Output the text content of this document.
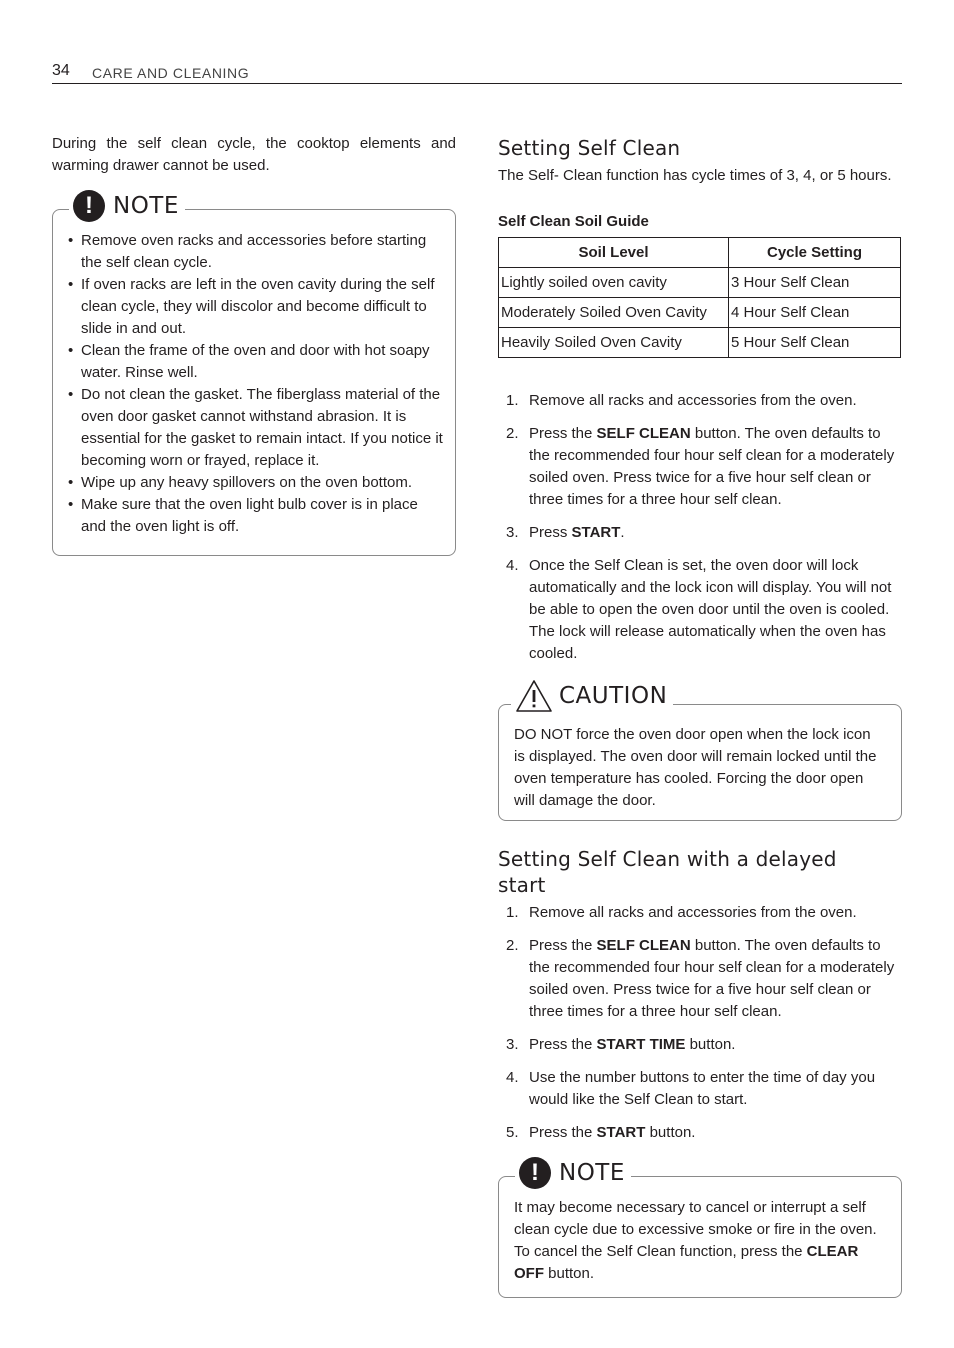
34 CARE AND CLEANING

During the self clean cycle, the cooktop elements and warming drawer cannot be used.

! NOTE
• Remove oven racks and accessories before starting the self clean cycle.
• If oven racks are left in the oven cavity during the self clean cycle, they will discolor and become difficult to slide in and out.
• Clean the frame of the oven and door with hot soapy water. Rinse well.
• Do not clean the gasket. The fiberglass material of the oven door gasket cannot withstand abrasion. It is essential for the gasket to remain intact. If you notice it becoming worn or frayed, replace it.
• Wipe up any heavy spillovers on the oven bottom.
• Make sure that the oven light bulb cover is in place and the oven light is off.
Setting Self Clean

The Self- Clean function has cycle times of 3, 4, or 5 hours.

Self Clean Soil Guide

Soil Level	Cycle Setting
Lightly soiled oven cavity	3 Hour Self Clean
Moderately Soiled Oven Cavity	4 Hour Self Clean
Heavily Soiled Oven Cavity	5 Hour Self Clean
1. Remove all racks and accessories from the oven.
2. Press the SELF CLEAN button. The oven defaults to the recommended four hour self clean for a moderately soiled oven. Press twice for a five hour self clean or three times for a three hour self clean.
3. Press START.
4. Once the Self Clean is set, the oven door will lock automatically and the lock icon will display. You will not be able to open the oven door until the oven is cooled. The lock will release automatically when the oven has cooled.
CAUTION

DO NOT force the oven door open when the lock icon is displayed. The oven door will remain locked until the oven temperature has cooled. Forcing the door open will damage the door.

Setting Self Clean with a delayed start
1. Remove all racks and accessories from the oven.
2. Press the SELF CLEAN button. The oven defaults to the recommended four hour self clean for a moderately soiled oven. Press twice for a five hour self clean or three times for a three hour self clean.
3. Press the START TIME button.
4. Use the number buttons to enter the time of day you would like the Self Clean to start.
5. Press the START button.
! NOTE

It may become necessary to cancel or interrupt a self clean cycle due to excessive smoke or fire in the oven. To cancel the Self Clean function, press the CLEAR OFF button.
